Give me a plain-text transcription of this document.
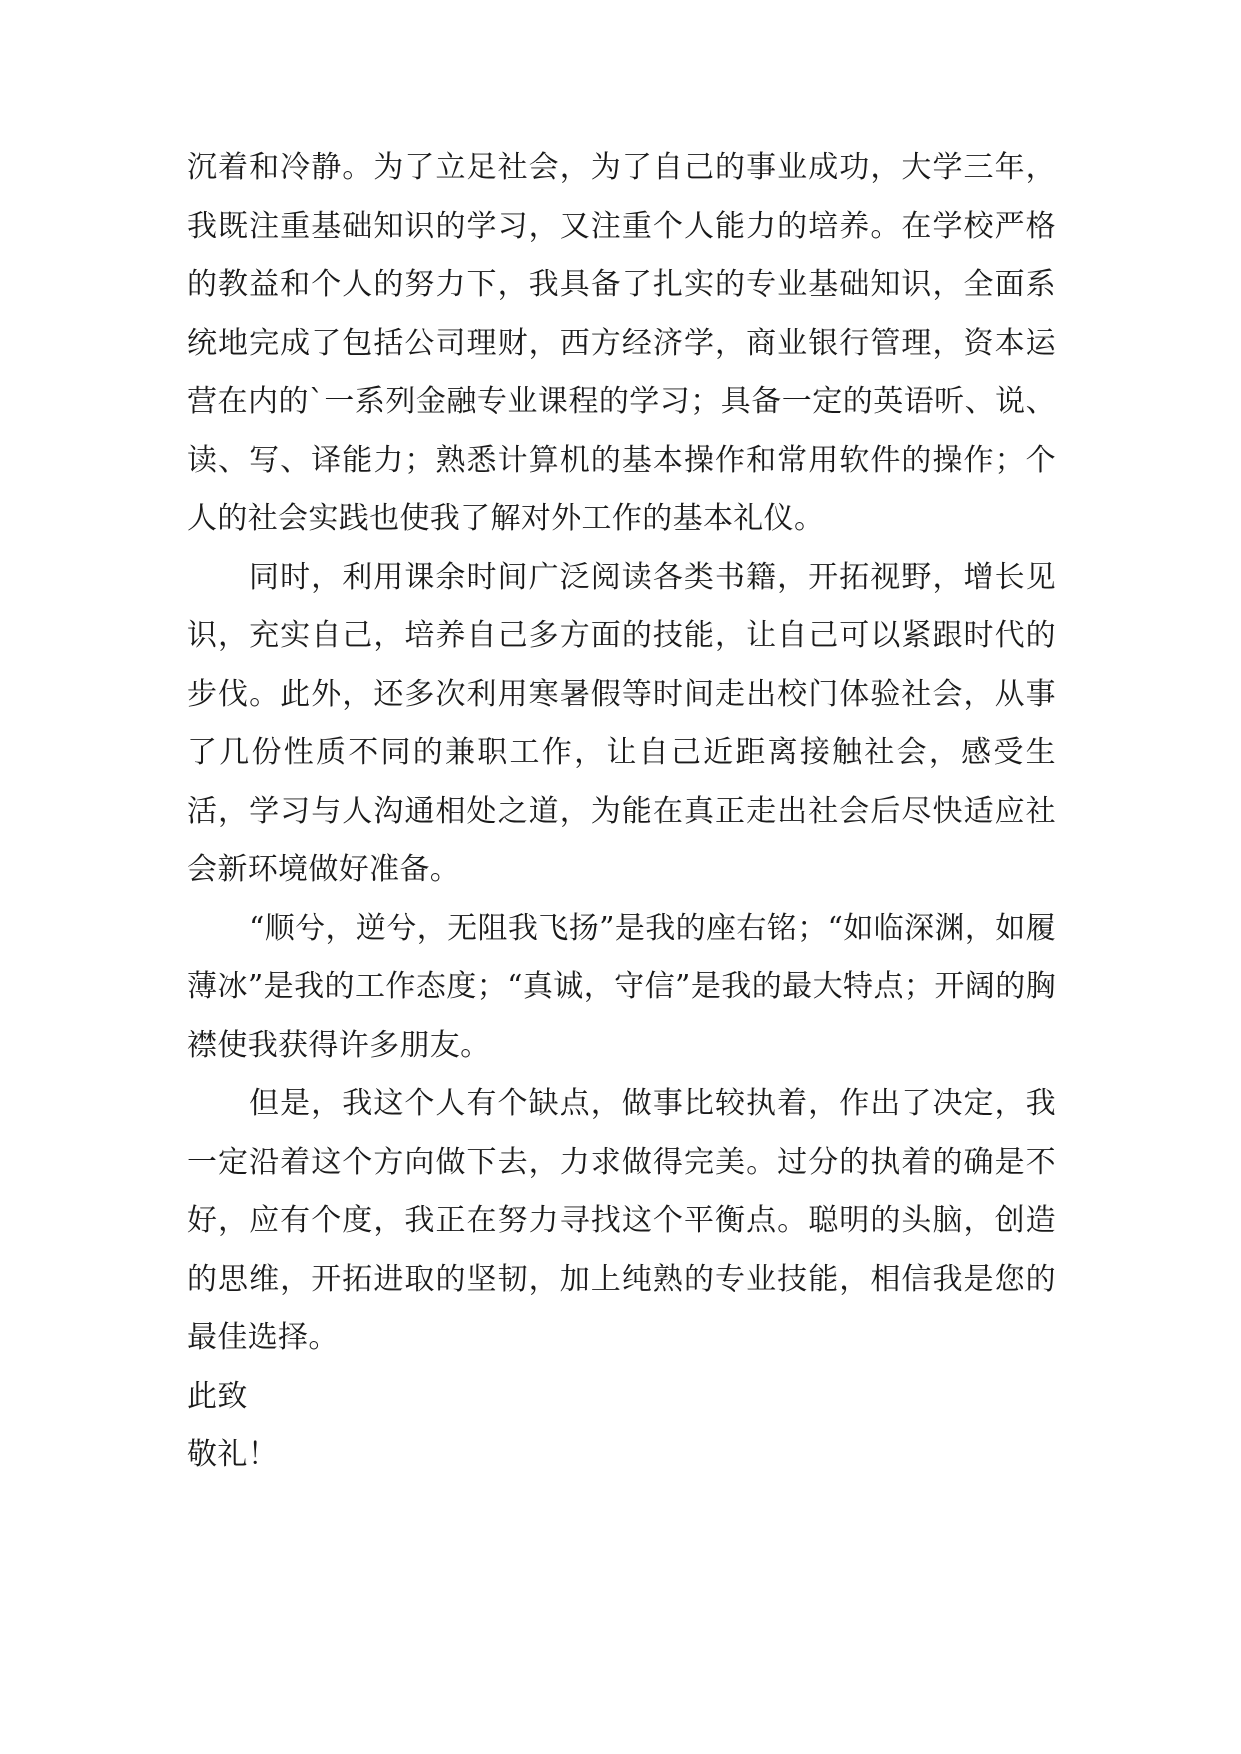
沉着和冷静。为了立足社会，为了自己的事业成功，大学三年，我既注重基础知识的学习，又注重个人能力的培养。在学校严格的教益和个人的努力下，我具备了扎实的专业基础知识，全面系统地完成了包括公司理财，西方经济学，商业银行管理，资本运营在内的`一系列金融专业课程的学习；具备一定的英语听、说、读、写、译能力；熟悉计算机的基本操作和常用软件的操作；个人的社会实践也使我了解对外工作的基本礼仪。

同时，利用课余时间广泛阅读各类书籍，开拓视野，增长见识，充实自己，培养自己多方面的技能，让自己可以紧跟时代的步伐。此外，还多次利用寒暑假等时间走出校门体验社会，从事了几份性质不同的兼职工作，让自己近距离接触社会，感受生活，学习与人沟通相处之道，为能在真正走出社会后尽快适应社会新环境做好准备。

“顺兮，逆兮，无阻我飞扬”是我的座右铭；“如临深渊，如履薄冰”是我的工作态度；“真诚，守信”是我的最大特点；开阔的胸襟使我获得许多朋友。

但是，我这个人有个缺点，做事比较执着，作出了决定，我一定沿着这个方向做下去，力求做得完美。过分的执着的确是不好，应有个度，我正在努力寻找这个平衡点。聪明的头脑，创造的思维，开拓进取的坚韧，加上纯熟的专业技能，相信我是您的最佳选择。

此致

敬礼！
